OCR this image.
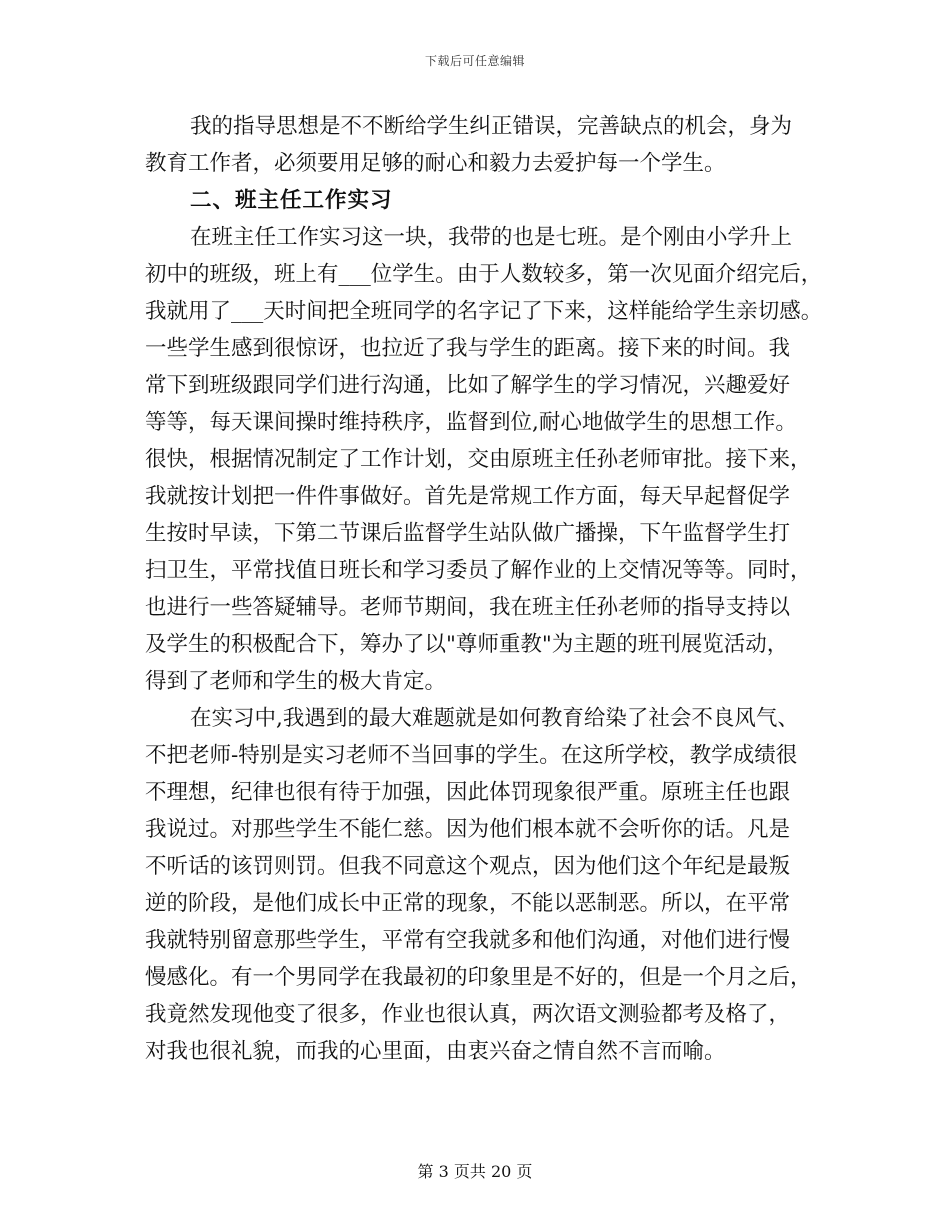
下载后可任意编辑
我的指导思想是不不断给学生纠正错误，完善缺点的机会，身为
教育工作者，必须要用足够的耐心和毅力去爱护每一个学生。
二、班主任工作实习
在班主任工作实习这一块，我带的也是七班。是个刚由小学升上
初中的班级，班上有___位学生。由于人数较多，第一次见面介绍完后，
我就用了___天时间把全班同学的名字记了下来，这样能给学生亲切感。
一些学生感到很惊讶，也拉近了我与学生的距离。接下来的时间。我
常下到班级跟同学们进行沟通，比如了解学生的学习情况，兴趣爱好
等等，每天课间操时维持秩序，监督到位,耐心地做学生的思想工作。
很快，根据情况制定了工作计划，交由原班主任孙老师审批。接下来，
我就按计划把一件件事做好。首先是常规工作方面，每天早起督促学
生按时早读，下第二节课后监督学生站队做广播操，下午监督学生打
扫卫生，平常找值日班长和学习委员了解作业的上交情况等等。同时，
也进行一些答疑辅导。老师节期间，我在班主任孙老师的指导支持以
及学生的积极配合下，筹办了以"尊师重教"为主题的班刊展览活动，
得到了老师和学生的极大肯定。
在实习中,我遇到的最大难题就是如何教育给染了社会不良风气、
不把老师-特别是实习老师不当回事的学生。在这所学校，教学成绩很
不理想，纪律也很有待于加强，因此体罚现象很严重。原班主任也跟
我说过。对那些学生不能仁慈。因为他们根本就不会听你的话。凡是
不听话的该罚则罚。但我不同意这个观点，因为他们这个年纪是最叛
逆的阶段，是他们成长中正常的现象，不能以恶制恶。所以，在平常
我就特别留意那些学生，平常有空我就多和他们沟通，对他们进行慢
慢感化。有一个男同学在我最初的印象里是不好的，但是一个月之后，
我竟然发现他变了很多，作业也很认真，两次语文测验都考及格了，
对我也很礼貌，而我的心里面，由衷兴奋之情自然不言而喻。
第 3 页共 20 页
